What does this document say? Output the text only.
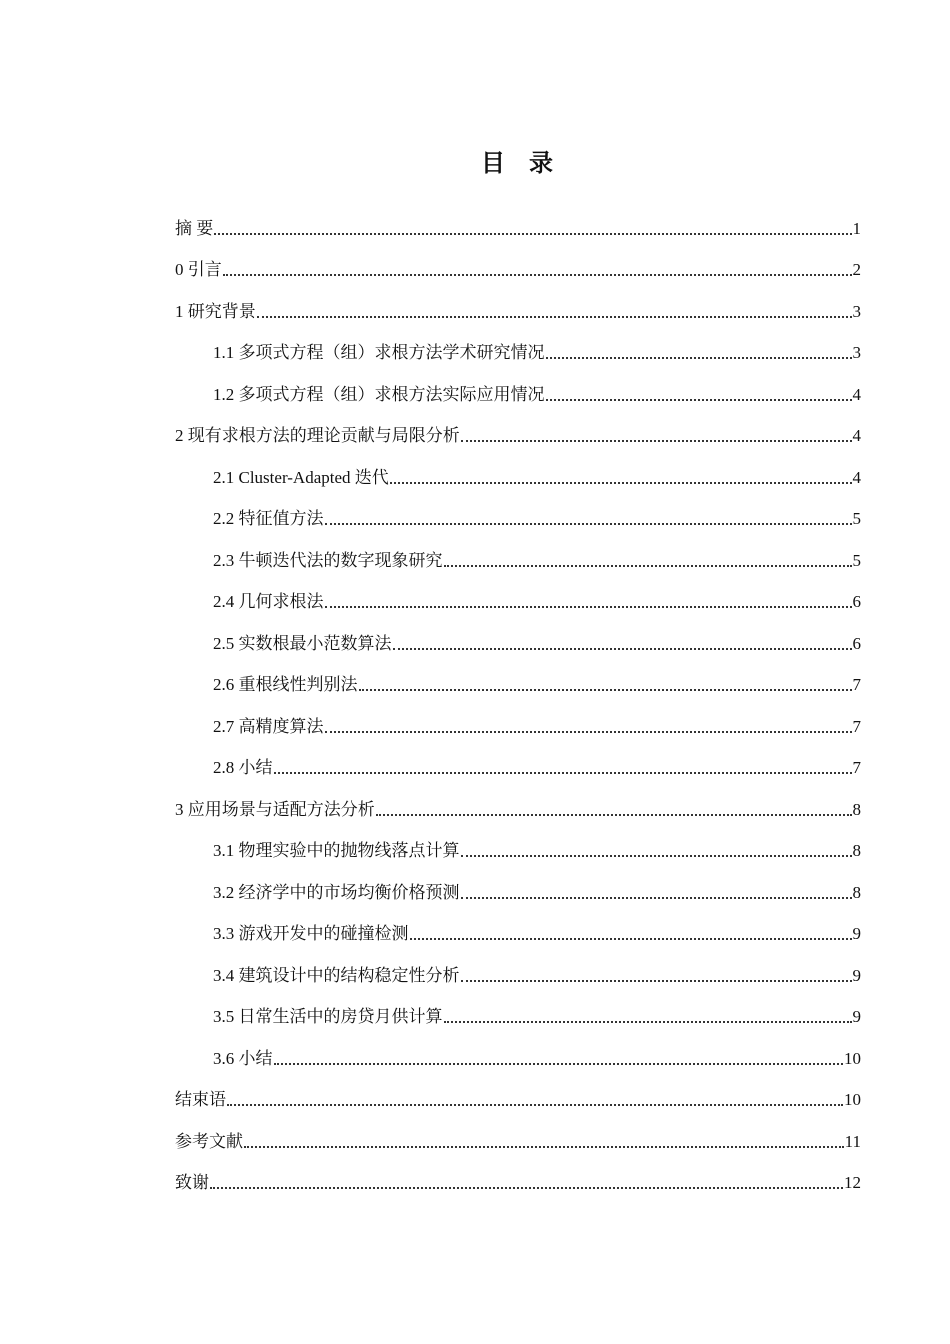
目 录
摘 要	1
0 引言	2
1 研究背景	3
1.1 多项式方程（组）求根方法学术研究情况	3
1.2 多项式方程（组）求根方法实际应用情况	4
2 现有求根方法的理论贡献与局限分析	4
2.1 Cluster-Adapted 迭代	4
2.2 特征值方法	5
2.3 牛顿迭代法的数字现象研究	5
2.4 几何求根法	6
2.5 实数根最小范数算法	6
2.6 重根线性判别法	7
2.7 高精度算法	7
2.8 小结	7
3 应用场景与适配方法分析	8
3.1 物理实验中的抛物线落点计算	8
3.2 经济学中的市场均衡价格预测	8
3.3 游戏开发中的碰撞检测	9
3.4 建筑设计中的结构稳定性分析	9
3.5 日常生活中的房贷月供计算	9
3.6 小结	10
结束语	10
参考文献	11
致谢	12
